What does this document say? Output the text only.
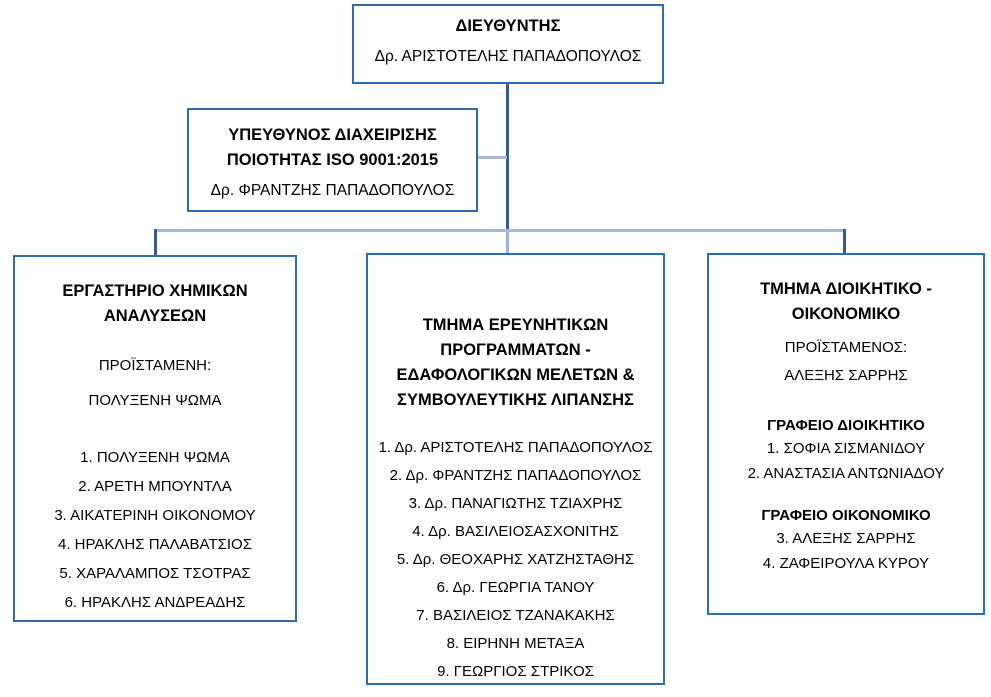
ΔΙΕΥΘΥΝΤΗΣ
Δρ. ΑΡΙΣΤΟΤΕΛΗΣ ΠΑΠΑΔΟΠΟΥΛΟΣ
ΥΠΕΥΘΥΝΟΣ ΔΙΑΧΕΙΡΙΣΗΣ
ΠΟΙΟΤΗΤΑΣ ISO 9001:2015
Δρ. ΦΡΑΝΤΖΗΣ ΠΑΠΑΔΟΠΟΥΛΟΣ
ΕΡΓΑΣΤΗΡΙΟ ΧΗΜΙΚΩΝ
ΑΝΑΛΥΣΕΩΝ
ΠΡΟΪΣΤΑΜΕΝΗ:
ΠΟΛΥΞΕΝΗ ΨΩΜΑ
1. ΠΟΛΥΞΕΝΗ ΨΩΜΑ
2. ΑΡΕΤΗ ΜΠΟΥΝΤΛΑ
3. ΑΙΚΑΤΕΡΙΝΗ ΟΙΚΟΝΟΜΟΥ
4. ΗΡΑΚΛΗΣ ΠΑΛΑΒΑΤΣΙΟΣ
5. ΧΑΡΑΛΑΜΠΟΣ ΤΣΟΤΡΑΣ
6. ΗΡΑΚΛΗΣ ΑΝΔΡΕΑΔΗΣ
ΤΜΗΜΑ ΕΡΕΥΝΗΤΙΚΩΝ
ΠΡΟΓΡΑΜΜΑΤΩΝ -
ΕΔΑΦΟΛΟΓΙΚΩΝ ΜΕΛΕΤΩΝ &
ΣΥΜΒΟΥΛΕΥΤΙΚΗΣ ΛΙΠΑΝΣΗΣ
1. Δρ. ΑΡΙΣΤΟΤΕΛΗΣ ΠΑΠΑΔΟΠΟΥΛΟΣ
2. Δρ. ΦΡΑΝΤΖΗΣ ΠΑΠΑΔΟΠΟΥΛΟΣ
3. Δρ. ΠΑΝΑΓΙΩΤΗΣ ΤΖΙΑΧΡΗΣ
4. Δρ. ΒΑΣΙΛΕΙΟΣΑΣΧΟΝΙΤΗΣ
5. Δρ. ΘΕΟΧΑΡΗΣ ΧΑΤΖΗΣΤΑΘΗΣ
6. Δρ. ΓΕΩΡΓΙΑ ΤΑΝΟΥ
7. ΒΑΣΙΛΕΙΟΣ ΤΖΑΝΑΚΑΚΗΣ
8. ΕΙΡΗΝΗ ΜΕΤΑΞΑ
9. ΓΕΩΡΓΙΟΣ ΣΤΡΙΚΟΣ
ΤΜΗΜΑ ΔΙΟΙΚΗΤΙΚΟ -
ΟΙΚΟΝΟΜΙΚΟ
ΠΡΟΪΣΤΑΜΕΝΟΣ:
ΑΛΕΞΗΣ ΣΑΡΡΗΣ
ΓΡΑΦΕΙΟ ΔΙΟΙΚΗΤΙΚΟ
1. ΣΟΦΙΑ ΣΙΣΜΑΝΙΔΟΥ
2. ΑΝΑΣΤΑΣΙΑ ΑΝΤΩΝΙΑΔΟΥ
ΓΡΑΦΕΙΟ ΟΙΚΟΝΟΜΙΚΟ
3. ΑΛΕΞΗΣ ΣΑΡΡΗΣ
4. ΖΑΦΕΙΡΟΥΛΑ ΚΥΡΟΥ
